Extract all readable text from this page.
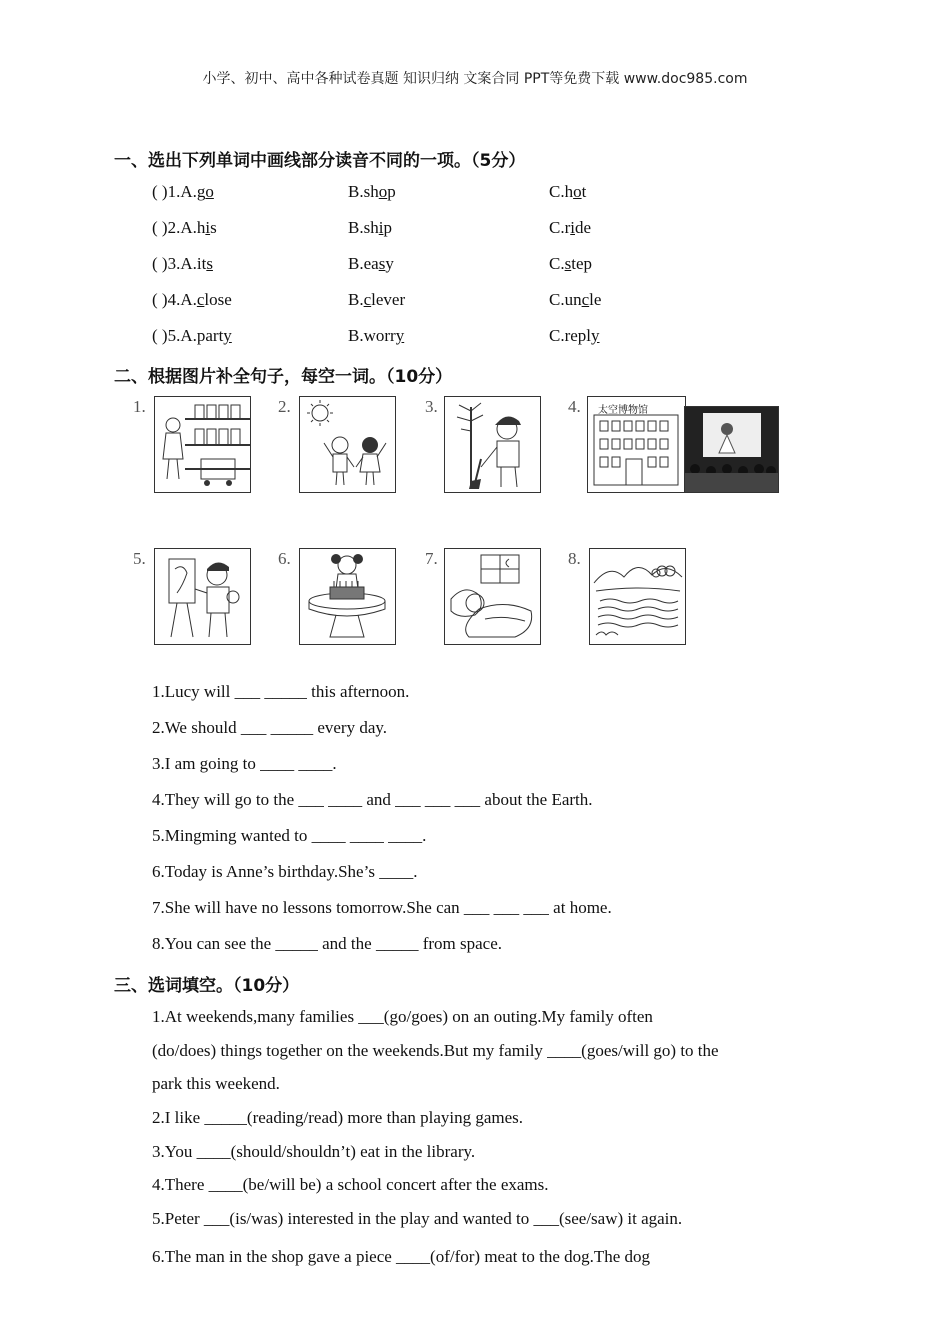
小学、初中、高中各种试卷真题 知识归纳 文案合同 PPT等免费下载 www.doc985.com
一、选出下列单词中画线部分读音不同的一项。（5分）
( )1.A.go	B.shop	C.hot
( )2.A.his	B.ship	C.ride
( )3.A.its	B.easy	C.step
( )4.A.close	B.clever	C.uncle
( )5.A.party	B.worry	C.reply
二、根据图片补全句子，每空一词。（10分）
1.	2.	3.	4.
5.	6.	7.	8.
太空博物馆
1.Lucy will ___ _____ this afternoon.
2.We should ___ _____ every day.
3.I am going to ____ ____.
4.They will go to the ___ ____ and ___ ___ ___ about the Earth.
5.Mingming wanted to ____ ____ ____.
6.Today is Anne’s birthday.She’s ____.
7.She will have no lessons tomorrow.She can ___ ___ ___ at home.
8.You can see the _____ and the _____ from space.
三、选词填空。（10分）
1.At weekends,many families ___(go/goes) on an outing.My family often
(do/does) things together on the weekends.But my family ____(goes/will go) to the
park this weekend.
2.I like _____(reading/read) more than playing games.
3.You ____(should/shouldn’t) eat in the library.
4.There ____(be/will be) a school concert after the exams.
5.Peter ___(is/was) interested in the play and wanted to ___(see/saw) it again.
6.The man in the shop gave a piece ____(of/for) meat to the dog.The dog
